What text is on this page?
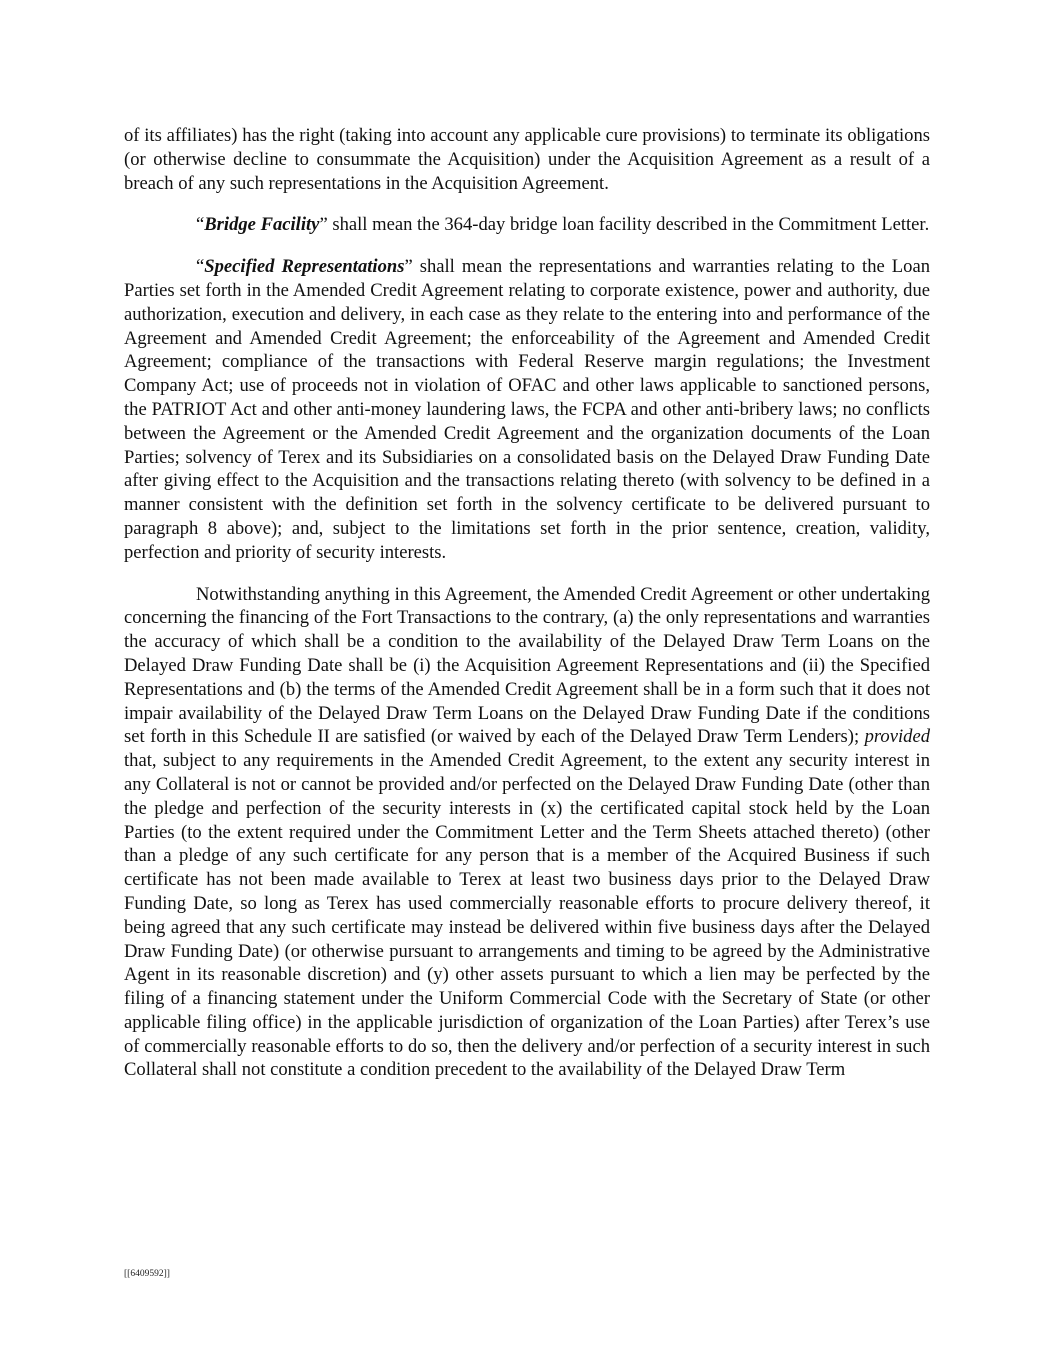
of its affiliates) has the right (taking into account any applicable cure provisions) to terminate its obligations (or otherwise decline to consummate the Acquisition) under the Acquisition Agreement as a result of a breach of any such representations in the Acquisition Agreement.

“Bridge Facility” shall mean the 364-day bridge loan facility described in the Commitment Letter.

“Specified Representations” shall mean the representations and warranties relating to the Loan Parties set forth in the Amended Credit Agreement relating to corporate existence, power and authority, due authorization, execution and delivery, in each case as they relate to the entering into and performance of the Agreement and Amended Credit Agreement; the enforceability of the Agreement and Amended Credit Agreement; compliance of the transactions with Federal Reserve margin regulations; the Investment Company Act; use of proceeds not in violation of OFAC and other laws applicable to sanctioned persons, the PATRIOT Act and other anti-money laundering laws, the FCPA and other anti-bribery laws; no conflicts between the Agreement or the Amended Credit Agreement and the organization documents of the Loan Parties; solvency of Terex and its Subsidiaries on a consolidated basis on the Delayed Draw Funding Date after giving effect to the Acquisition and the transactions relating thereto (with solvency to be defined in a manner consistent with the definition set forth in the solvency certificate to be delivered pursuant to paragraph 8 above); and, subject to the limitations set forth in the prior sentence, creation, validity, perfection and priority of security interests.

Notwithstanding anything in this Agreement, the Amended Credit Agreement or other undertaking concerning the financing of the Fort Transactions to the contrary, (a) the only representations and warranties the accuracy of which shall be a condition to the availability of the Delayed Draw Term Loans on the Delayed Draw Funding Date shall be (i) the Acquisition Agreement Representations and (ii) the Specified Representations and (b) the terms of the Amended Credit Agreement shall be in a form such that it does not impair availability of the Delayed Draw Term Loans on the Delayed Draw Funding Date if the conditions set forth in this Schedule II are satisfied (or waived by each of the Delayed Draw Term Lenders); provided that, subject to any requirements in the Amended Credit Agreement, to the extent any security interest in any Collateral is not or cannot be provided and/or perfected on the Delayed Draw Funding Date (other than the pledge and perfection of the security interests in (x) the certificated capital stock held by the Loan Parties (to the extent required under the Commitment Letter and the Term Sheets attached thereto) (other than a pledge of any such certificate for any person that is a member of the Acquired Business if such certificate has not been made available to Terex at least two business days prior to the Delayed Draw Funding Date, so long as Terex has used commercially reasonable efforts to procure delivery thereof, it being agreed that any such certificate may instead be delivered within five business days after the Delayed Draw Funding Date) (or otherwise pursuant to arrangements and timing to be agreed by the Administrative Agent in its reasonable discretion) and (y) other assets pursuant to which a lien may be perfected by the filing of a financing statement under the Uniform Commercial Code with the Secretary of State (or other applicable filing office) in the applicable jurisdiction of organization of the Loan Parties) after Terex’s use of commercially reasonable efforts to do so, then the delivery and/or perfection of a security interest in such Collateral shall not constitute a condition precedent to the availability of the Delayed Draw Term

[[6409592]]
